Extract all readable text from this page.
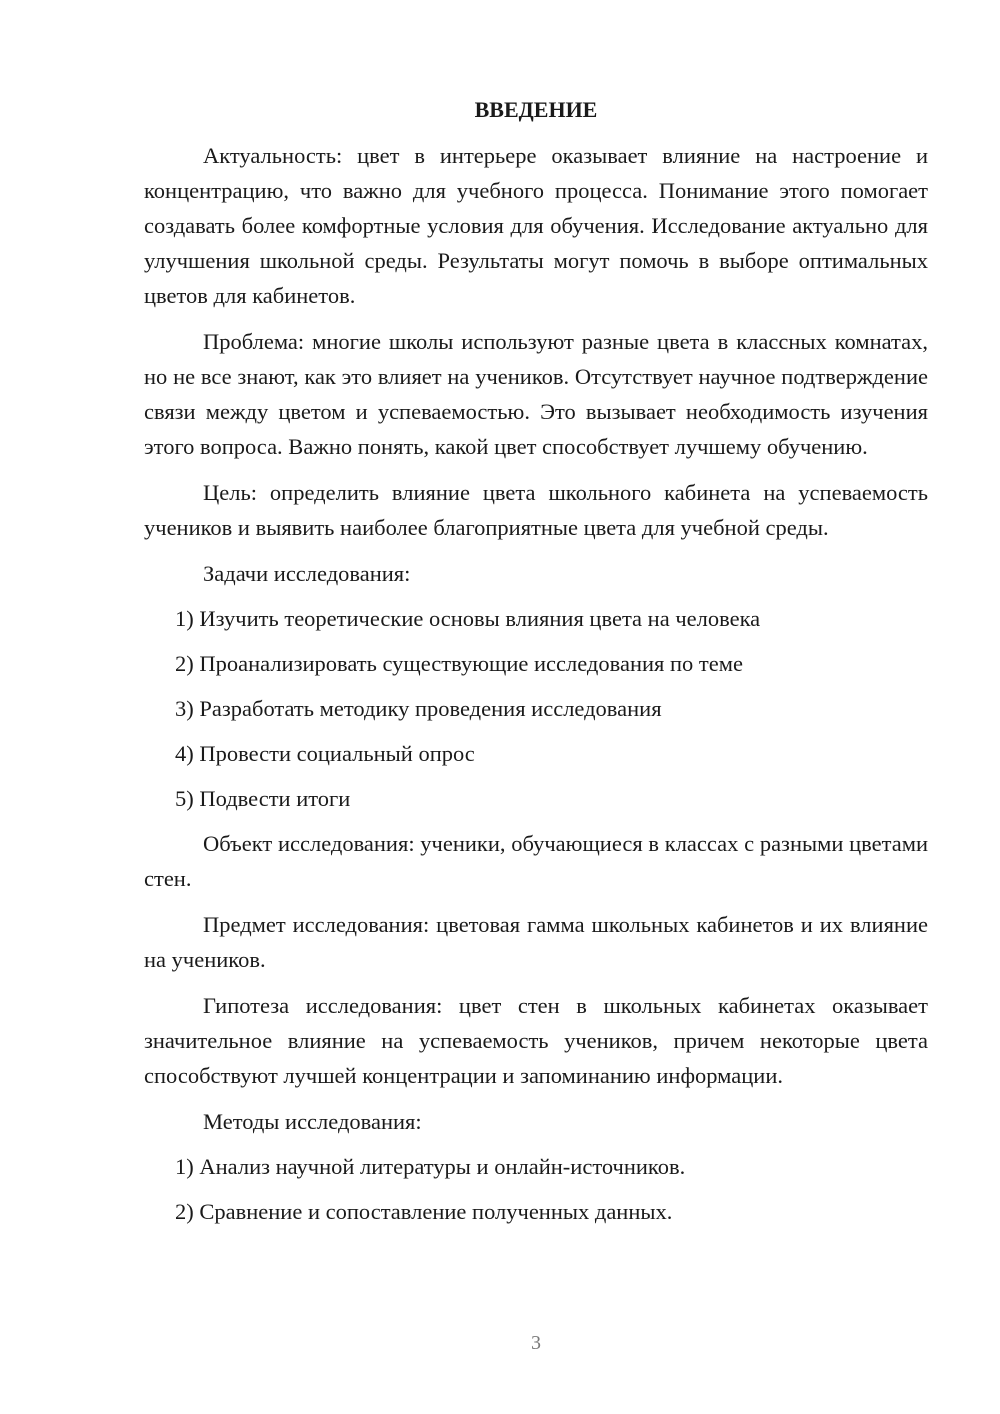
ВВЕДЕНИЕ

Актуальность: цвет в интерьере оказывает влияние на настроение и концентрацию, что важно для учебного процесса. Понимание этого помогает создавать более комфортные условия для обучения. Исследование актуально для улучшения школьной среды. Результаты могут помочь в выборе оптимальных цветов для кабинетов.

Проблема: многие школы используют разные цвета в классных комнатах, но не все знают, как это влияет на учеников. Отсутствует научное подтверждение связи между цветом и успеваемостью. Это вызывает необходимость изучения этого вопроса. Важно понять, какой цвет способствует лучшему обучению.

Цель: определить влияние цвета школьного кабинета на успеваемость учеников и выявить наиболее благоприятные цвета для учебной среды.

Задачи исследования:
1) Изучить теоретические основы влияния цвета на человека
2) Проанализировать существующие исследования по теме
3) Разработать методику проведения исследования
4) Провести социальный опрос
5) Подвести итоги

Объект исследования: ученики, обучающиеся в классах с разными цветами стен.

Предмет исследования: цветовая гамма школьных кабинетов и их влияние на учеников.

Гипотеза исследования: цвет стен в школьных кабинетах оказывает значительное влияние на успеваемость учеников, причем некоторые цвета способствуют лучшей концентрации и запоминанию информации.

Методы исследования:
1) Анализ научной литературы и онлайн-источников.
2) Сравнение и сопоставление полученных данных.
3
